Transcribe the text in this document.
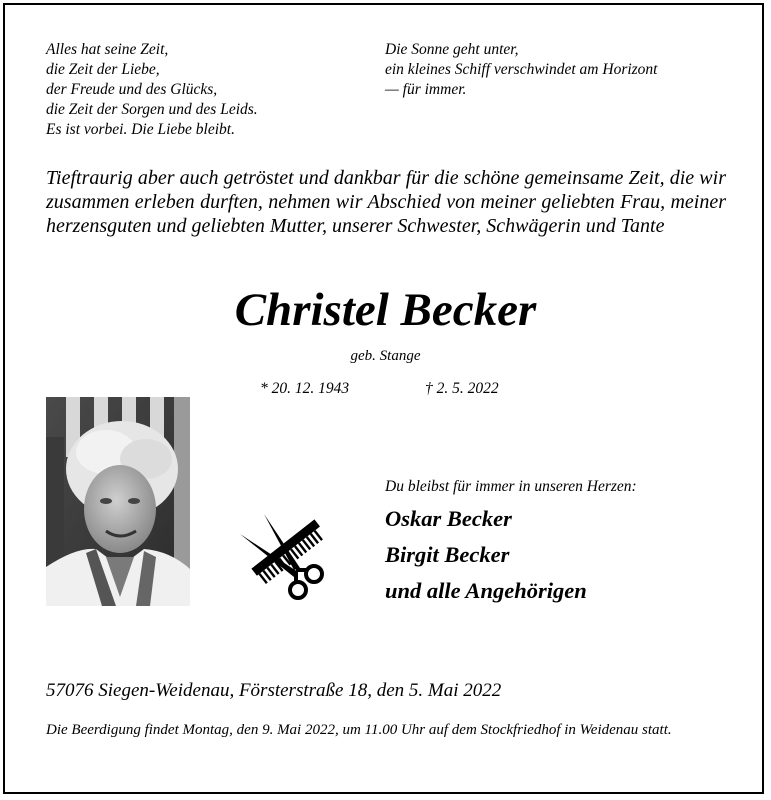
Alles hat seine Zeit,
die Zeit der Liebe,
der Freude und des Glücks,
die Zeit der Sorgen und des Leids.
Es ist vorbei. Die Liebe bleibt.
Die Sonne geht unter,
ein kleines Schiff verschwindet am Horizont
— für immer.
Tieftraurig aber auch getröstet und dankbar für die schöne gemeinsame Zeit, die wir zusammen erleben durften, nehmen wir Abschied von meiner geliebten Frau, meiner herzensguten und geliebten Mutter, unserer Schwester, Schwägerin und Tante
Christel Becker
geb. Stange
* 20. 12. 1943	† 2. 5. 2022
Du bleibst für immer in unseren Herzen:
Oskar Becker
Birgit Becker
und alle Angehörigen
57076 Siegen-Weidenau, Försterstraße 18, den 5. Mai 2022
Die Beerdigung findet Montag, den 9. Mai 2022, um 11.00 Uhr auf dem Stockfriedhof in Weidenau statt.
